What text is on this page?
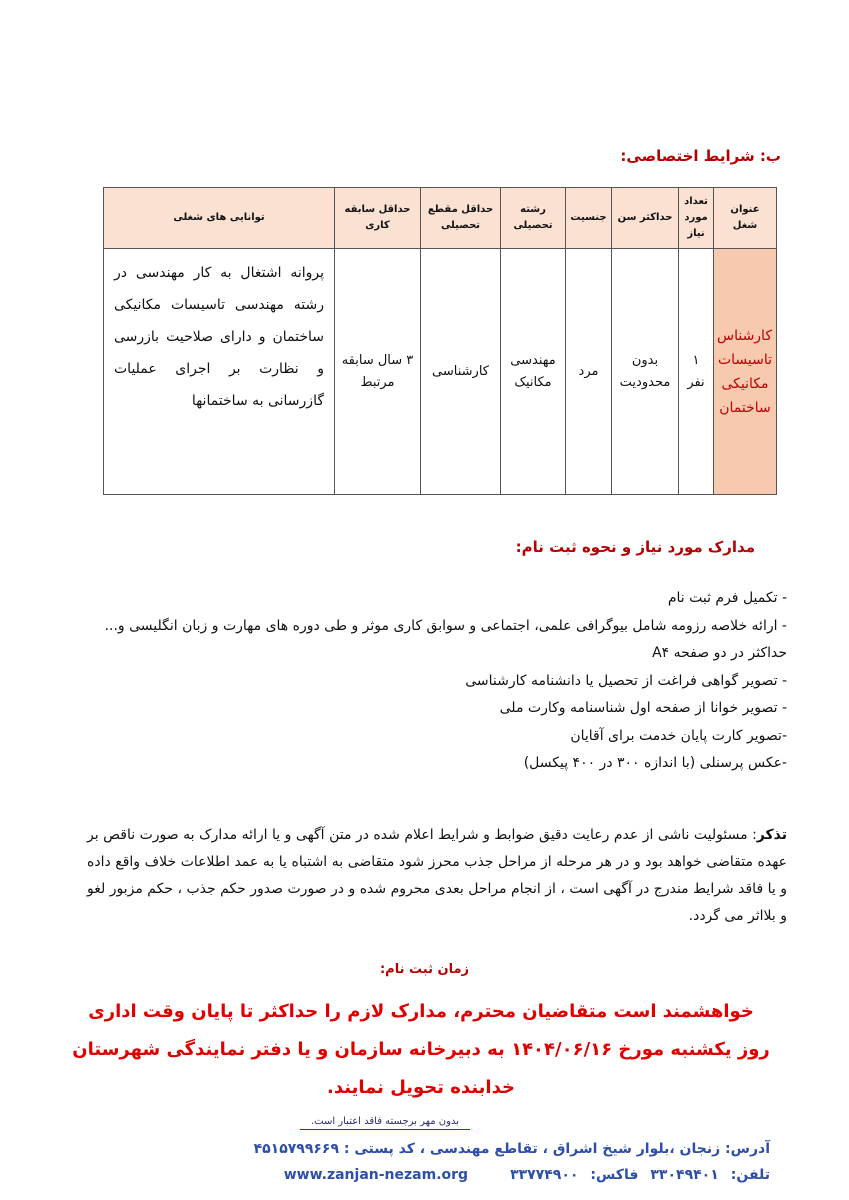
ب: شرایط اختصاصی:
عنوان شغل	تعداد مورد نیاز	حداکثر سن	جنسیت	رشته تحصیلی	حداقل مقطع تحصیلی	حداقل سابقه کاری	توانایی های شغلی
کارشناس تاسیسات مکانیکی ساختمان	۱ نفر	بدون محدودیت	مرد	مهندسی مکانیک	کارشناسی	۳ سال سابقه مرتبط	پروانه اشتغال به کار مهندسی در رشته مهندسی تاسیسات مکانیکی ساختمان و دارای صلاحیت بازرسی و نظارت بر اجرای عملیات گازرسانی به ساختمانها
مدارک مورد نیاز و نحوه ثبت نام:
- تکمیل فرم ثبت نام
- ارائه خلاصه رزومه شامل بیوگرافی علمی، اجتماعی و سوابق کاری موثر و طی دوره های مهارت و زبان انگلیسی و... حداکثر در دو صفحه A۴
- تصویر گواهی فراغت از تحصیل یا دانشنامه کارشناسی
- تصویر خوانا از صفحه اول شناسنامه وکارت ملی
-تصویر کارت پایان خدمت برای آقایان
-عکس پرسنلی (با اندازه ۳۰۰ در ۴۰۰ پیکسل)
تذکر: مسئولیت ناشی از عدم رعایت دقیق ضوابط و شرایط اعلام شده در متن آگهی و یا ارائه مدارک به صورت ناقص بر عهده متقاضی خواهد بود و در هر مرحله از مراحل جذب محرز شود متقاضی به اشتباه یا به عمد اطلاعات خلاف واقع داده و یا فاقد شرایط مندرج در آگهی است ، از انجام مراحل بعدی محروم شده و در صورت صدور حکم جذب ، حکم مزبور لغو و بلااثر می گردد.
زمان ثبت نام:
خواهشمند است متقاضیان محترم، مدارک لازم را حداکثر تا پایان وقت اداری روز یکشنبه مورخ ۱۴۰۴/۰۶/۱۶ به دبیرخانه سازمان و یا دفتر نمایندگی شهرستان خدابنده تحویل نمایند.
بدون مهر برجسته فاقد اعتبار است.
آدرس: زنجان ،بلوار شیخ اشراق ، تقاطع مهندسی ، کد پستی : ۴۵۱۵۷۹۹۶۶۹
تلفن:
۳۳۰۴۹۴۰۱
فاکس:
۳۳۷۷۴۹۰۰
www.zanjan-nezam.org
